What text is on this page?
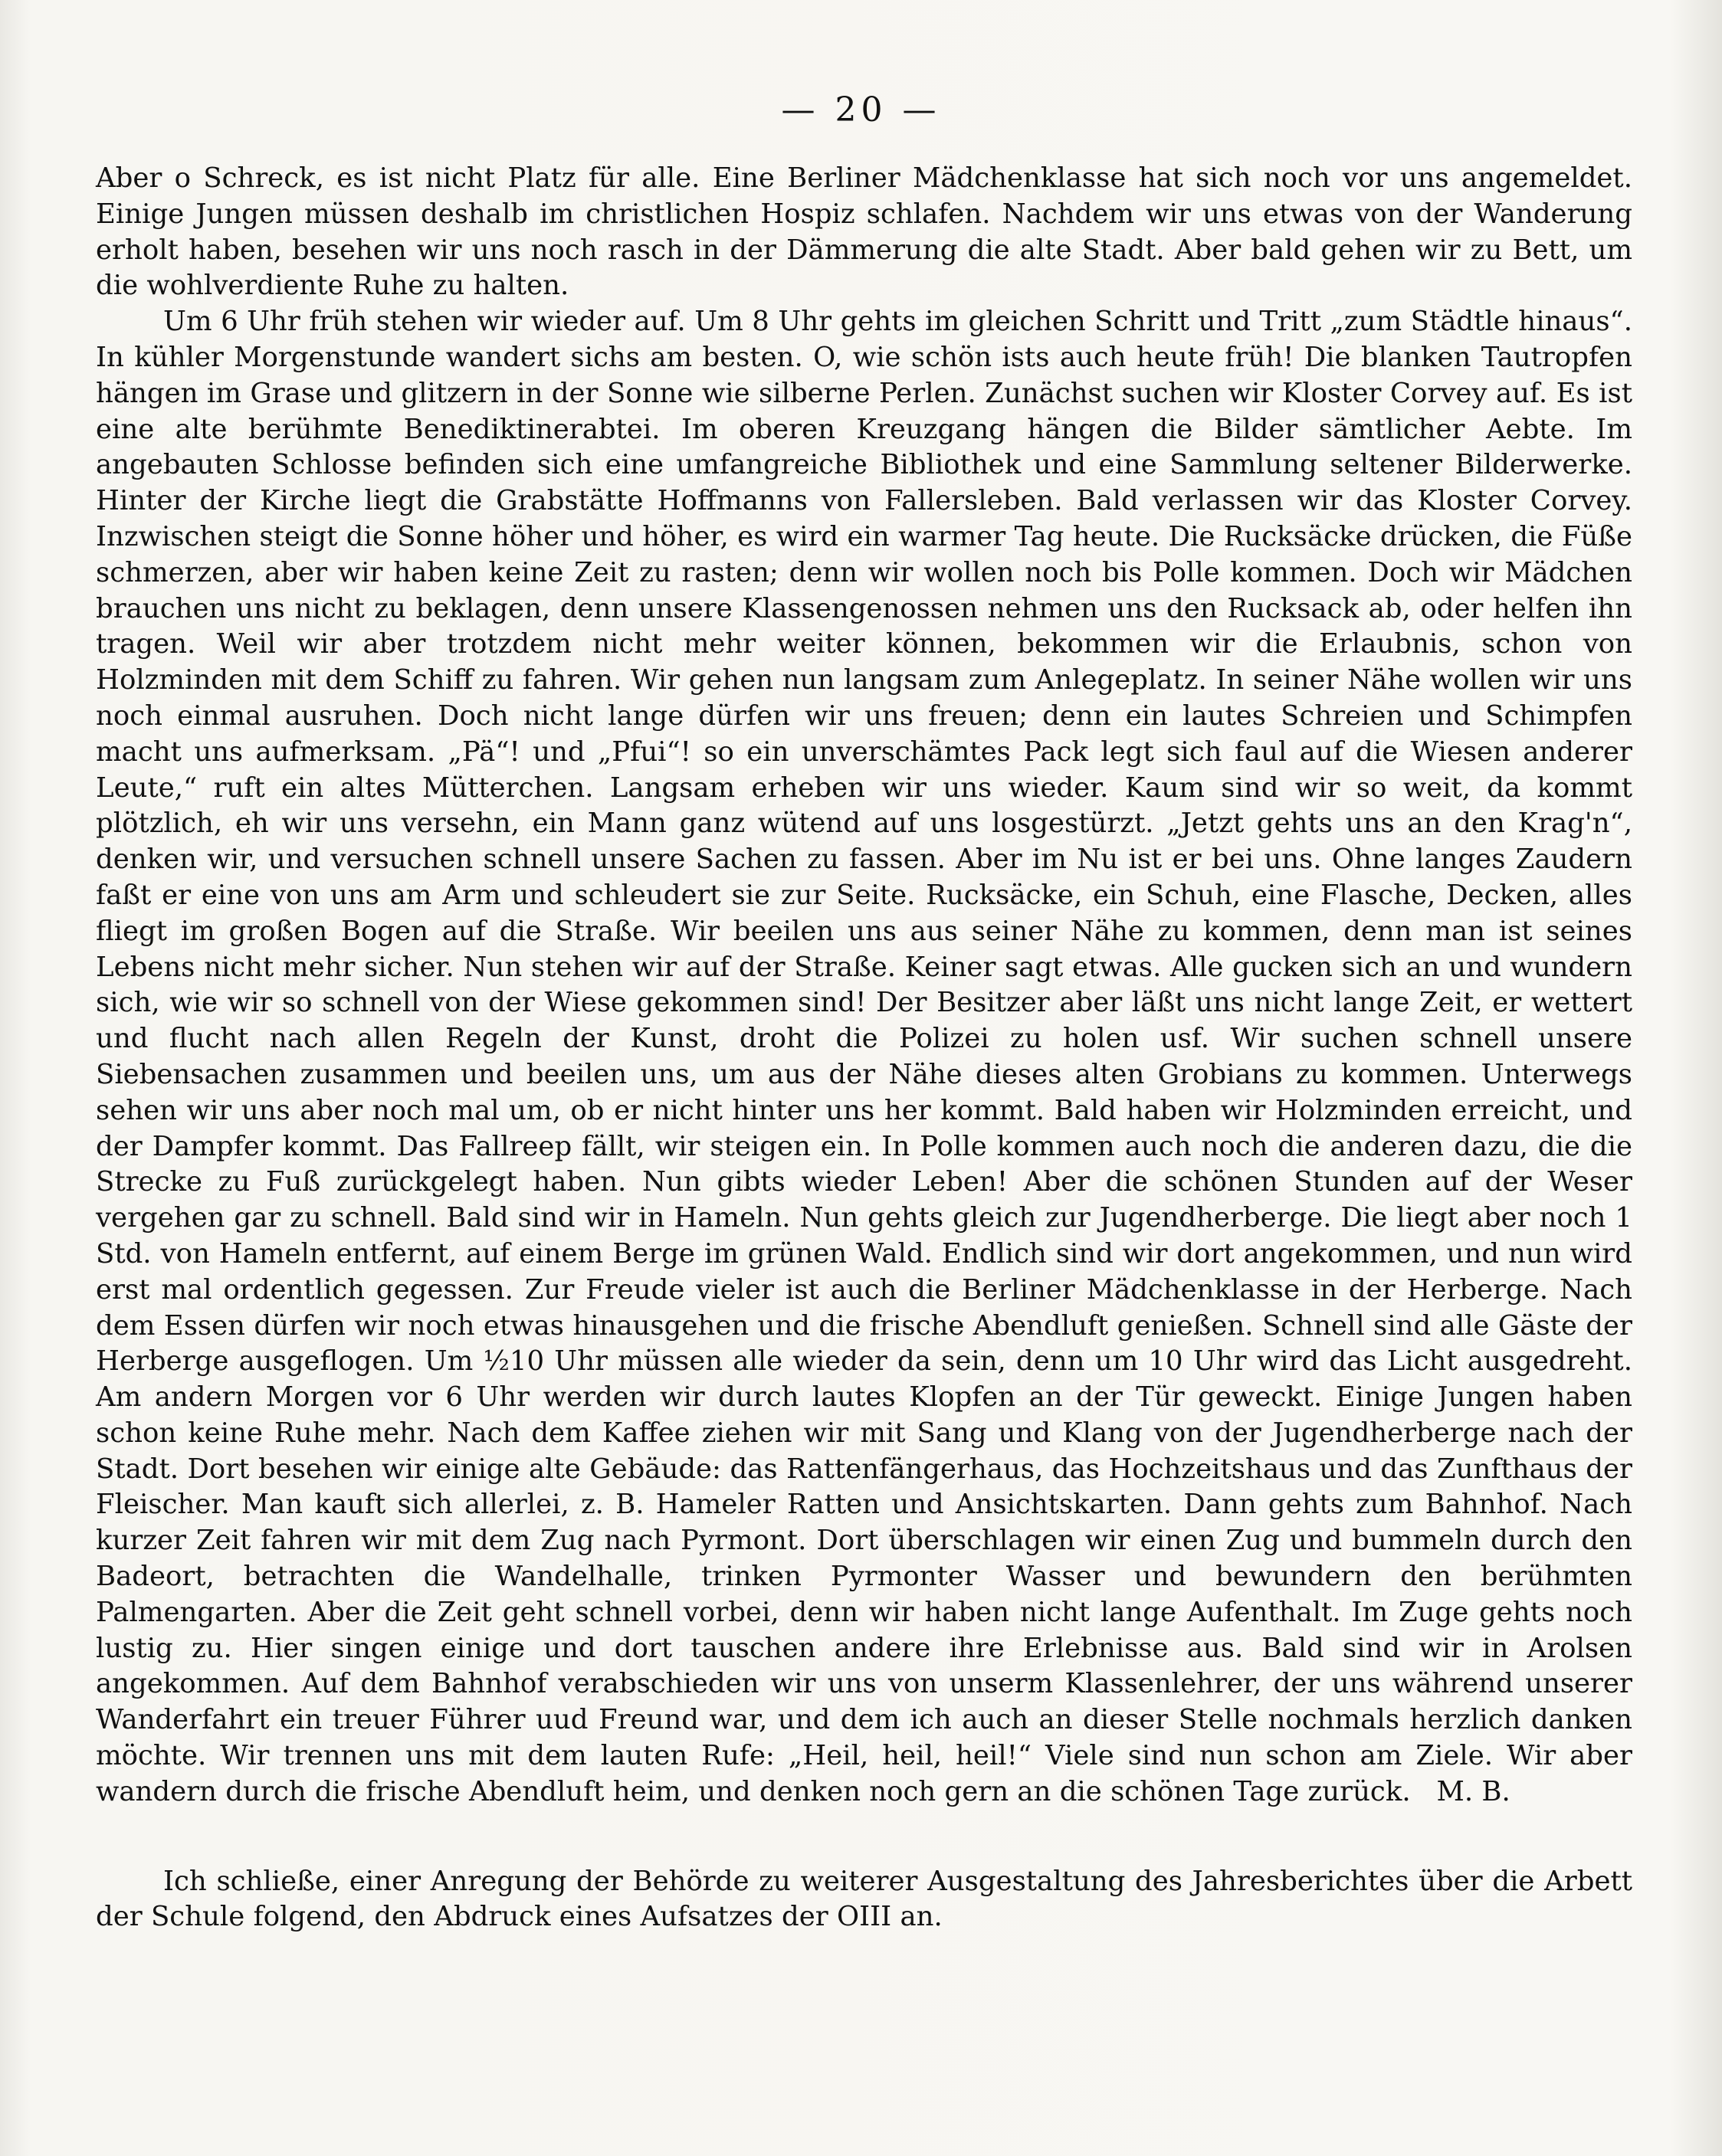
— 20 —

Aber o Schreck, es ist nicht Platz für alle. Eine Berliner Mädchenklasse hat sich noch vor uns angemeldet. Einige Jungen müssen deshalb im christlichen Hospiz schlafen. Nachdem wir uns etwas von der Wanderung erholt haben, besehen wir uns noch rasch in der Dämmerung die alte Stadt. Aber bald gehen wir zu Bett, um die wohlverdiente Ruhe zu halten.

Um 6 Uhr früh stehen wir wieder auf. Um 8 Uhr gehts im gleichen Schritt und Tritt „zum Städtle hinaus“. In kühler Morgenstunde wandert sichs am besten. O, wie schön ists auch heute früh! Die blanken Tautropfen hängen im Grase und glitzern in der Sonne wie silberne Perlen. Zunächst suchen wir Kloster Corvey auf. Es ist eine alte berühmte Benediktinerabtei. Im oberen Kreuzgang hängen die Bilder sämtlicher Aebte. Im angebauten Schlosse befinden sich eine umfangreiche Bibliothek und eine Sammlung seltener Bilderwerke. Hinter der Kirche liegt die Grabstätte Hoffmanns von Fallersleben. Bald verlassen wir das Kloster Corvey. Inzwischen steigt die Sonne höher und höher, es wird ein warmer Tag heute. Die Rucksäcke drücken, die Füße schmerzen, aber wir haben keine Zeit zu rasten; denn wir wollen noch bis Polle kommen. Doch wir Mädchen brauchen uns nicht zu beklagen, denn unsere Klassengenossen nehmen uns den Rucksack ab, oder helfen ihn tragen. Weil wir aber trotzdem nicht mehr weiter können, bekommen wir die Erlaubnis, schon von Holzminden mit dem Schiff zu fahren. Wir gehen nun langsam zum Anlegeplatz. In seiner Nähe wollen wir uns noch einmal ausruhen. Doch nicht lange dürfen wir uns freuen; denn ein lautes Schreien und Schimpfen macht uns aufmerksam. „Pä“! und „Pfui“! so ein unverschämtes Pack legt sich faul auf die Wiesen anderer Leute,“ ruft ein altes Mütterchen. Langsam erheben wir uns wieder. Kaum sind wir so weit, da kommt plötzlich, eh wir uns versehn, ein Mann ganz wütend auf uns losgestürzt. „Jetzt gehts uns an den Krag'n“, denken wir, und versuchen schnell unsere Sachen zu fassen. Aber im Nu ist er bei uns. Ohne langes Zaudern faßt er eine von uns am Arm und schleudert sie zur Seite. Rucksäcke, ein Schuh, eine Flasche, Decken, alles fliegt im großen Bogen auf die Straße. Wir beeilen uns aus seiner Nähe zu kommen, denn man ist seines Lebens nicht mehr sicher. Nun stehen wir auf der Straße. Keiner sagt etwas. Alle gucken sich an und wundern sich, wie wir so schnell von der Wiese gekommen sind! Der Besitzer aber läßt uns nicht lange Zeit, er wettert und flucht nach allen Regeln der Kunst, droht die Polizei zu holen usf. Wir suchen schnell unsere Siebensachen zusammen und beeilen uns, um aus der Nähe dieses alten Grobians zu kommen. Unterwegs sehen wir uns aber noch mal um, ob er nicht hinter uns her kommt. Bald haben wir Holzminden erreicht, und der Dampfer kommt. Das Fallreep fällt, wir steigen ein. In Polle kommen auch noch die anderen dazu, die die Strecke zu Fuß zurückgelegt haben. Nun gibts wieder Leben! Aber die schönen Stunden auf der Weser vergehen gar zu schnell. Bald sind wir in Hameln. Nun gehts gleich zur Jugendherberge. Die liegt aber noch 1 Std. von Hameln entfernt, auf einem Berge im grünen Wald. Endlich sind wir dort angekommen, und nun wird erst mal ordentlich gegessen. Zur Freude vieler ist auch die Berliner Mädchenklasse in der Herberge. Nach dem Essen dürfen wir noch etwas hinausgehen und die frische Abendluft genießen. Schnell sind alle Gäste der Herberge ausgeflogen. Um ½10 Uhr müssen alle wieder da sein, denn um 10 Uhr wird das Licht ausgedreht. Am andern Morgen vor 6 Uhr werden wir durch lautes Klopfen an der Tür geweckt. Einige Jungen haben schon keine Ruhe mehr. Nach dem Kaffee ziehen wir mit Sang und Klang von der Jugendherberge nach der Stadt. Dort besehen wir einige alte Gebäude: das Rattenfängerhaus, das Hochzeitshaus und das Zunfthaus der Fleischer. Man kauft sich allerlei, z. B. Hameler Ratten und Ansichtskarten. Dann gehts zum Bahnhof. Nach kurzer Zeit fahren wir mit dem Zug nach Pyrmont. Dort überschlagen wir einen Zug und bummeln durch den Badeort, betrachten die Wandelhalle, trinken Pyrmonter Wasser und bewundern den berühmten Palmengarten. Aber die Zeit geht schnell vorbei, denn wir haben nicht lange Aufenthalt. Im Zuge gehts noch lustig zu. Hier singen einige und dort tauschen andere ihre Erlebnisse aus. Bald sind wir in Arolsen angekommen. Auf dem Bahnhof verabschieden wir uns von unserm Klassenlehrer, der uns während unserer Wanderfahrt ein treuer Führer uud Freund war, und dem ich auch an dieser Stelle nochmals herzlich danken möchte. Wir trennen uns mit dem lauten Rufe: „Heil, heil, heil!“ Viele sind nun schon am Ziele. Wir aber wandern durch die frische Abendluft heim, und denken noch gern an die schönen Tage zurück. M. B.

Ich schließe, einer Anregung der Behörde zu weiterer Ausgestaltung des Jahresberichtes über die Arbett der Schule folgend, den Abdruck eines Aufsatzes der OIII an.
